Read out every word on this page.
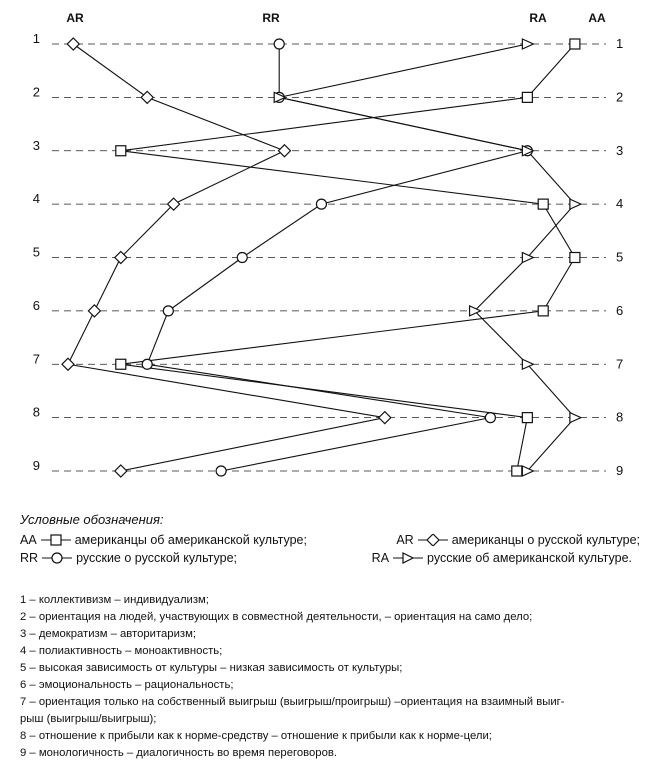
1	1
2	2
3	3
4	4
5	5
6	6
7	7
8	8
9	9
AR	RR	RA	AA
Условные обозначения:
AA	американцы об американской культуре;	AR	американцы о русской культуре;
RR	русские о русской культуре;	RA	русские об американской культуре.
1 – коллективизм – индивидуализм;
2 – ориентация на людей, участвующих в совместной деятельности, – ориентация на само дело;
3 – демократизм – авторитаризм;
4 – полиактивность – моноактивность;
5 – высокая зависимость от культуры – низкая зависимость от культуры;
6 – эмоциональность – рациональность;
7 – ориентация только на собственный выигрыш (выигрыш/проигрыш) –ориентация на взаимный выиг-
рыш (выигрыш/выигрыш);
8 – отношение к прибыли как к норме-средству – отношение к прибыли как к норме-цели;
9 – монологичность – диалогичность во время переговоров.
